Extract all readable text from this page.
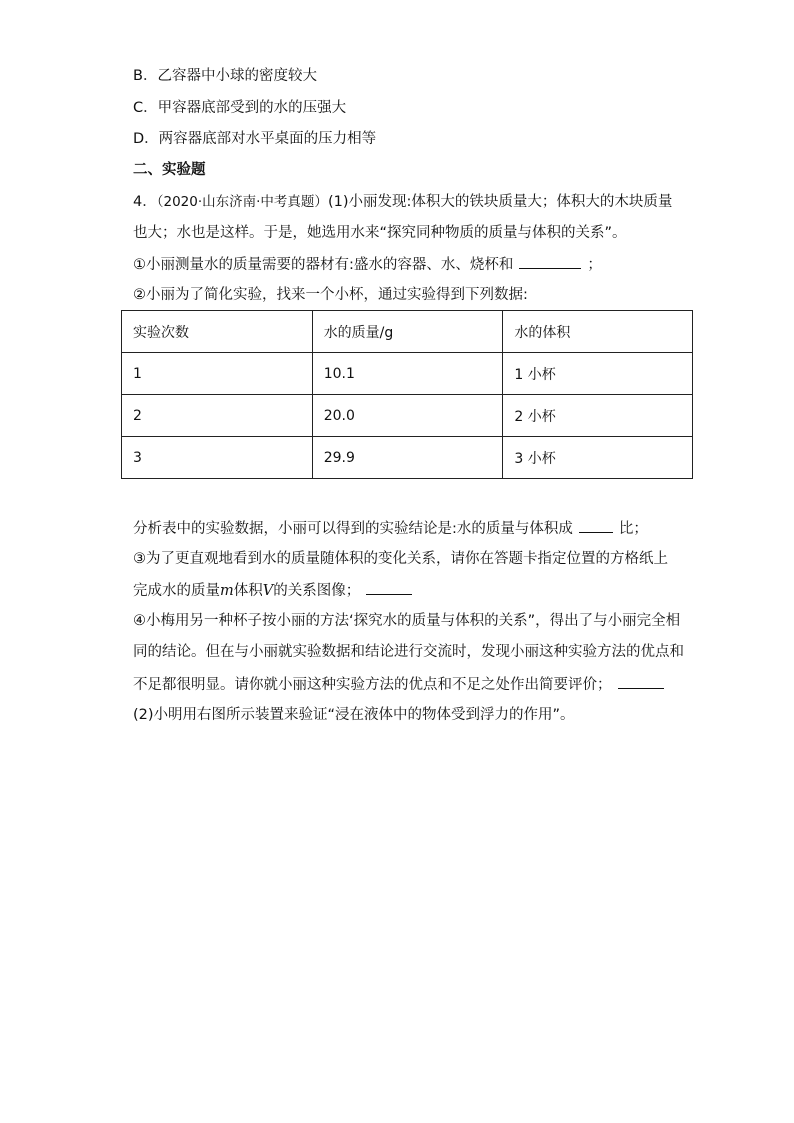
B．乙容器中小球的密度较大
C．甲容器底部受到的水的压强大
D．两容器底部对水平桌面的压力相等
二、实验题
4．（2020·山东济南·中考真题）(1)小丽发现:体积大的铁块质量大；体积大的木块质量
也大；水也是这样。于是，她选用水来“探究同种物质的质量与体积的关系”。
①小丽测量水的质量需要的器材有:盛水的容器、水、烧杯和	；
②小丽为了简化实验，找来一个小杯，通过实验得到下列数据:
实验次数	水的质量/g	水的体积
1	10.1	1 小杯
2	20.0	2 小杯
3	29.9	3 小杯
分析表中的实验数据，小丽可以得到的实验结论是:水的质量与体积成	比；
③为了更直观地看到水的质量随体积的变化关系，请你在答题卡指定位置的方格纸上
完成水的质量m体积V的关系图像；
④小梅用另一种杯子按小丽的方法‘探究水的质量与体积的关系”，得出了与小丽完全相
同的结论。但在与小丽就实验数据和结论进行交流时，发现小丽这种实验方法的优点和
不足都很明显。请你就小丽这种实验方法的优点和不足之处作出简要评价；
(2)小明用右图所示装置来验证“浸在液体中的物体受到浮力的作用”。
